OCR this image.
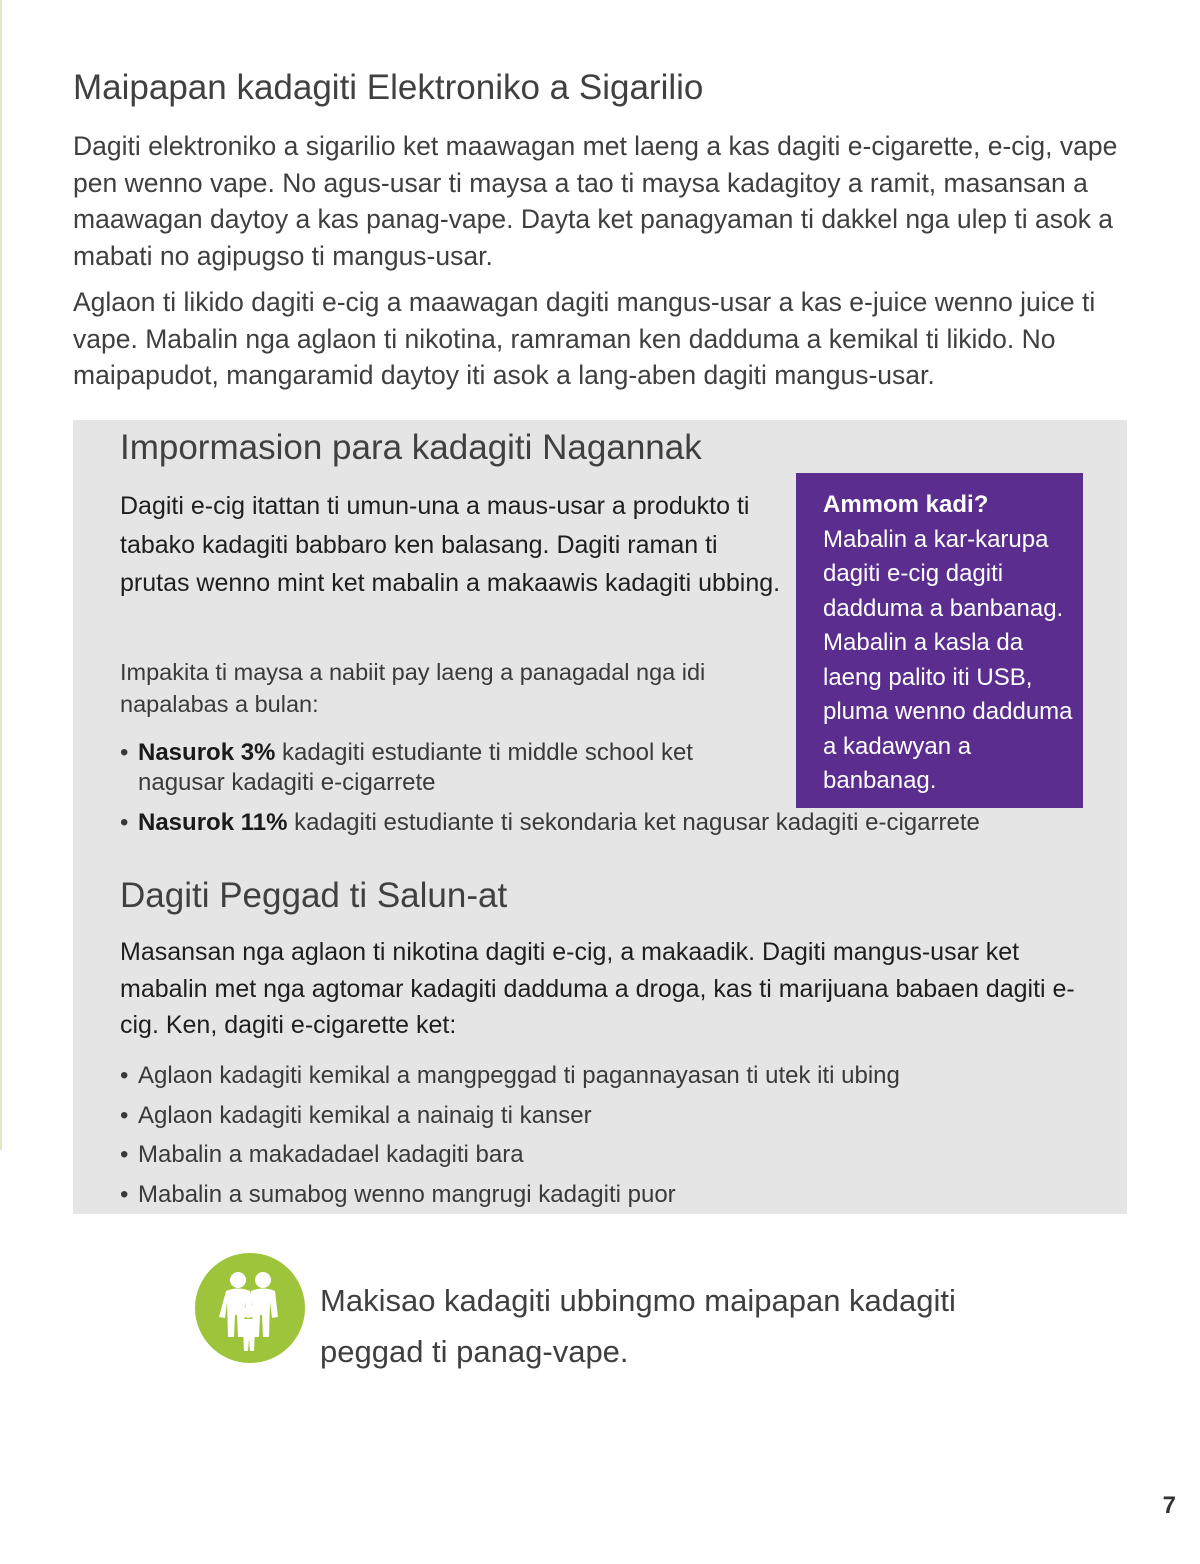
Maipapan kadagiti Elektroniko a Sigarilio

Dagiti elektroniko a sigarilio ket maawagan met laeng a kas dagiti e-cigarette, e-cig, vape pen wenno vape. No agus-usar ti maysa a tao ti maysa kadagitoy a ramit, masansan a maawagan daytoy a kas panag-vape. Dayta ket panagyaman ti dakkel nga ulep ti asok a mabati no agipugso ti mangus-usar.

Aglaon ti likido dagiti e-cig a maawagan dagiti mangus-usar a kas e-juice wenno juice ti vape. Mabalin nga aglaon ti nikotina, ramraman ken dadduma a kemikal ti likido. No maipapudot, mangaramid daytoy iti asok a lang-aben dagiti mangus-usar.

Impormasion para kadagiti Nagannak

Dagiti e-cig itattan ti umun-una a maus-usar a produkto ti tabako kadagiti babbaro ken balasang. Dagiti raman ti prutas wenno mint ket mabalin a makaawis kadagiti ubbing.

Impakita ti maysa a nabiit pay laeng a panagadal nga idi napalabas a bulan:

• Nasurok 3% kadagiti estudiante ti middle school ket nagusar kadagiti e-cigarrete
• Nasurok 11% kadagiti estudiante ti sekondaria ket nagusar kadagiti e-cigarrete
Ammom kadi?
Mabalin a kar-karupa dagiti e-cig dagiti dadduma a banbanag. Mabalin a kasla da laeng palito iti USB, pluma wenno dadduma a kadawyan a banbanag.
Dagiti Peggad ti Salun-at

Masansan nga aglaon ti nikotina dagiti e-cig, a makaadik. Dagiti mangus-usar ket mabalin met nga agtomar kadagiti dadduma a droga, kas ti marijuana babaen dagiti e-cig. Ken, dagiti e-cigarette ket:

• Aglaon kadagiti kemikal a mangpeggad ti pagannayasan ti utek iti ubing
• Aglaon kadagiti kemikal a nainaig ti kanser
• Mabalin a makadadael kadagiti bara
• Mabalin a sumabog wenno mangrugi kadagiti puor

Makisao kadagiti ubbingmo maipapan kadagiti peggad ti panag-vape.

7
